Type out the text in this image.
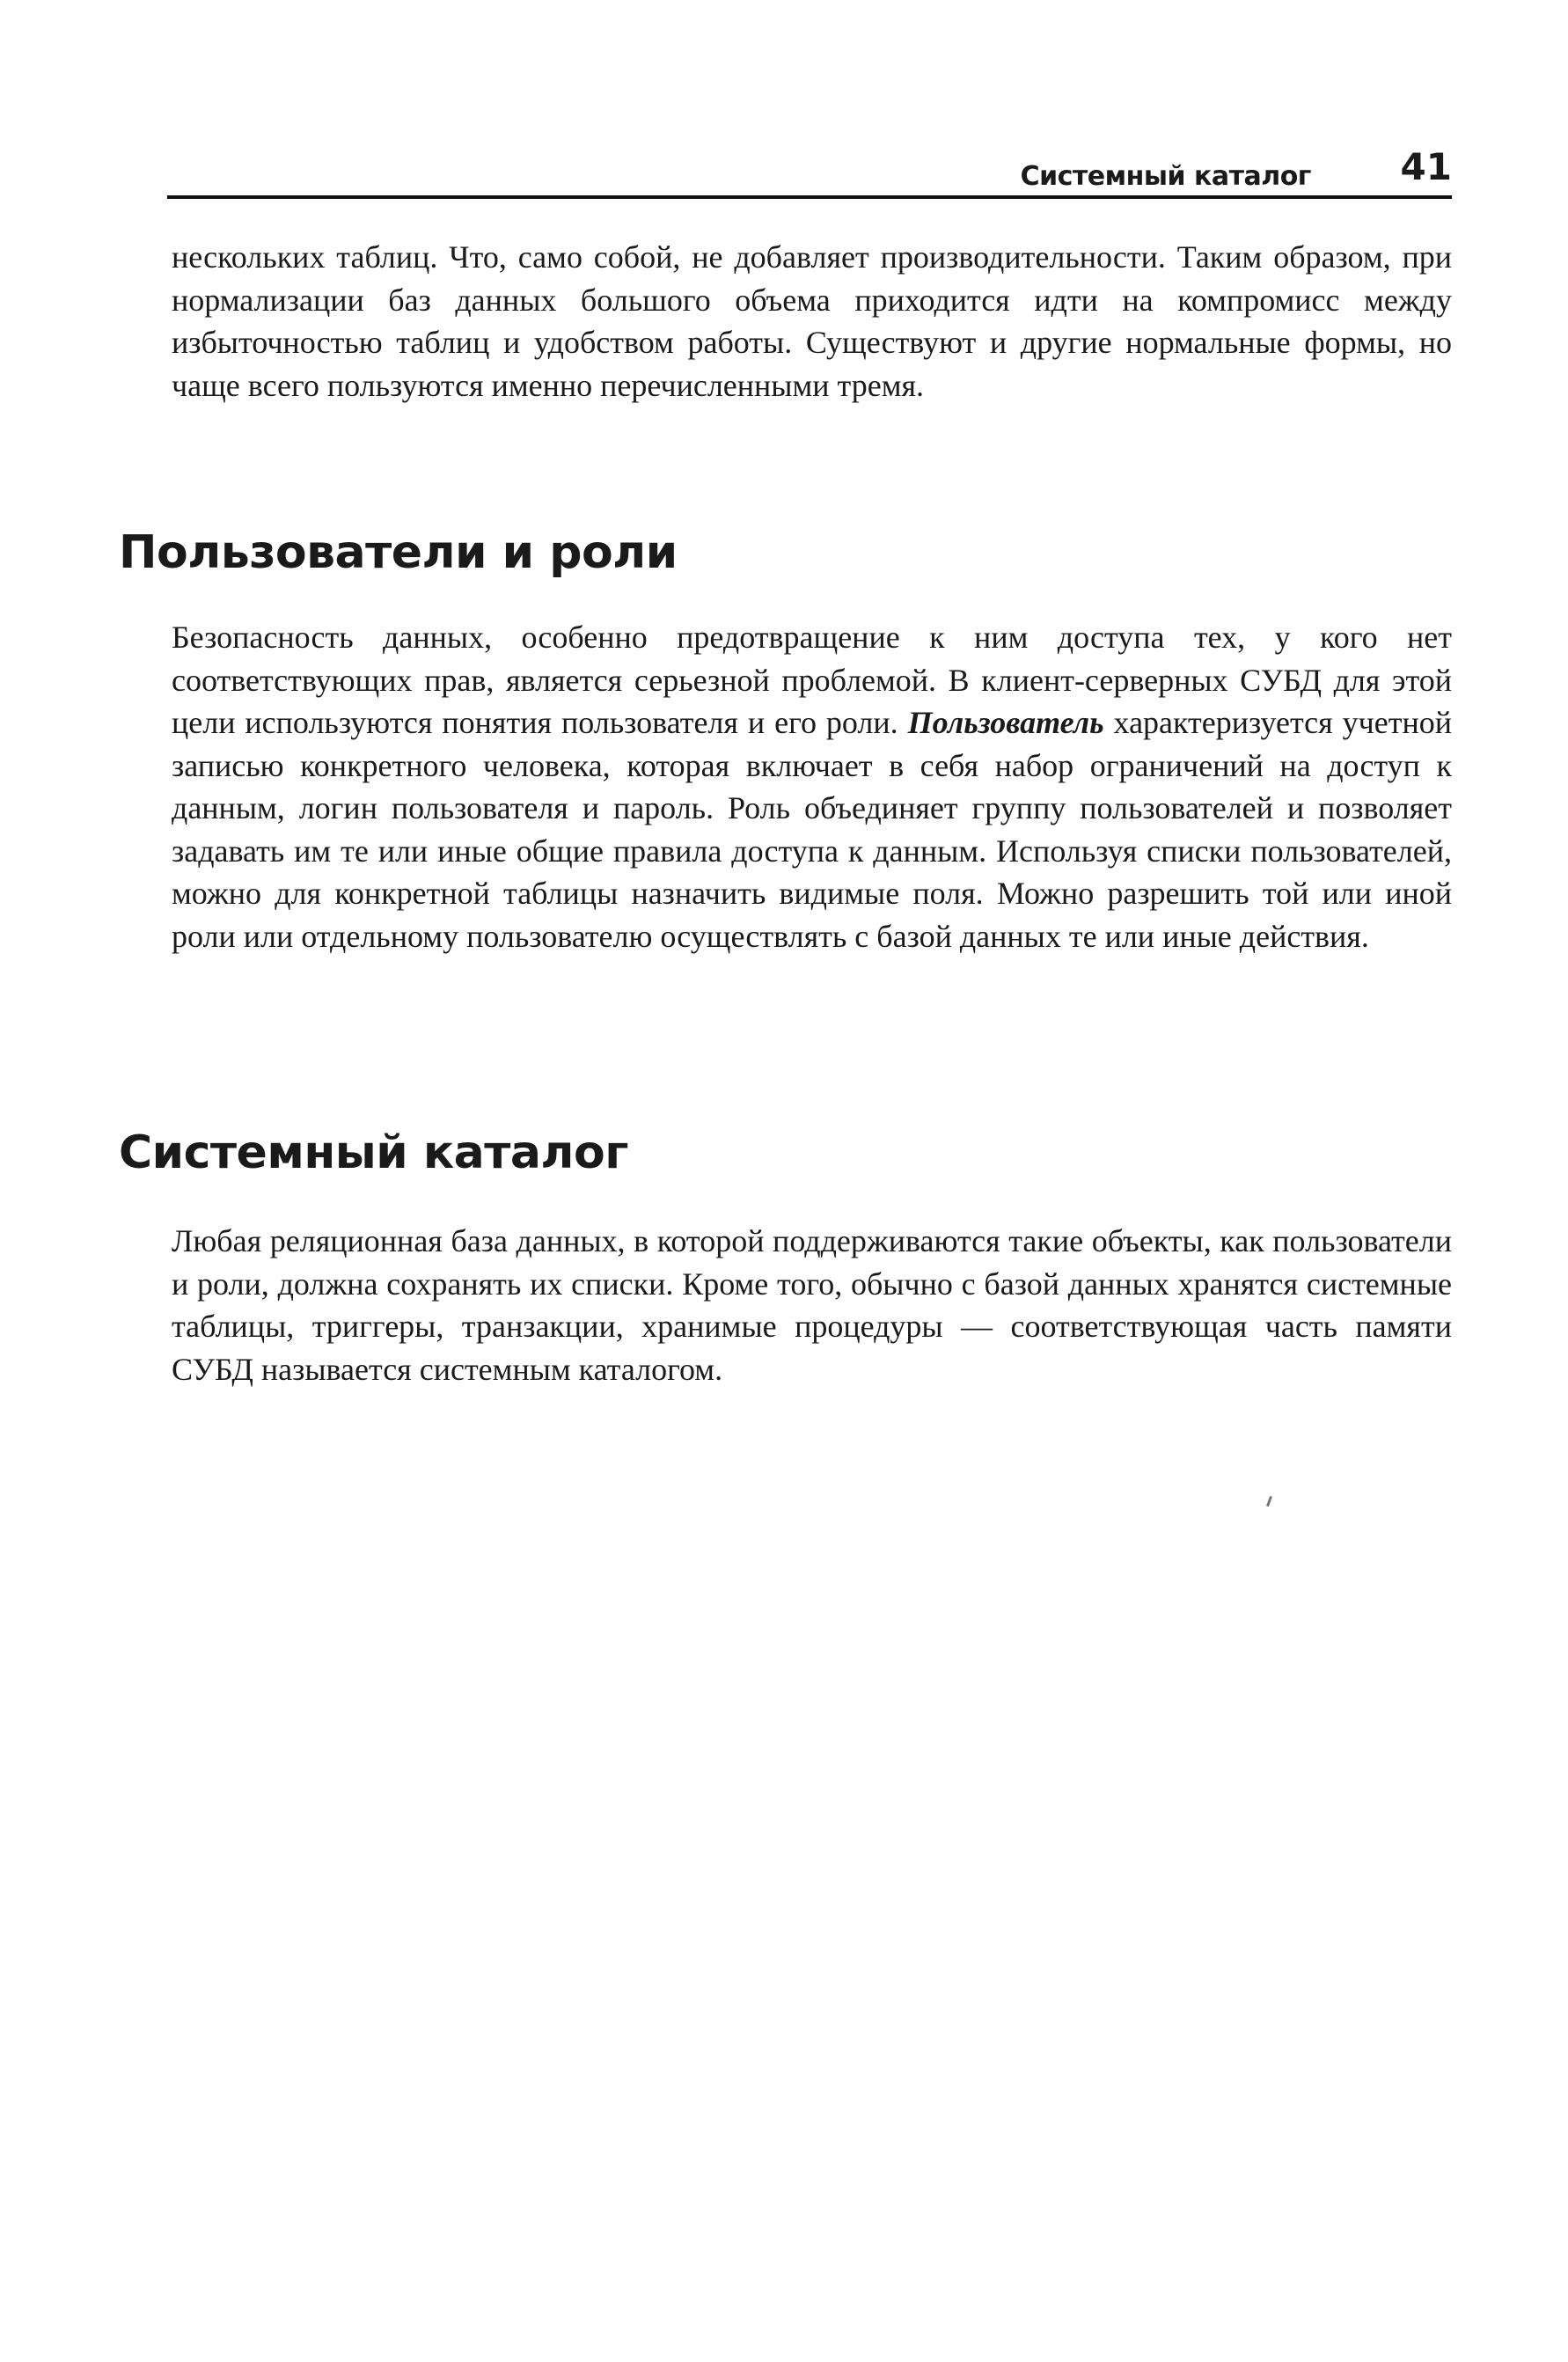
Системный каталог 41

нескольких таблиц. Что, само собой, не добавляет производительности. Таким образом, при нормализации баз данных большого объема приходится идти на компромисс между избыточностью таблиц и удобством работы. Существуют и другие нормальные формы, но чаще всего пользуются именно перечисленными тремя.

Пользователи и роли

Безопасность данных, особенно предотвращение к ним доступа тех, у кого нет соответствующих прав, является серьезной проблемой. В клиент-серверных СУБД для этой цели используются понятия пользователя и его роли. Пользователь характеризуется учетной записью конкретного человека, которая включает в себя набор ограничений на доступ к данным, логин пользователя и пароль. Роль объединяет группу пользователей и позволяет задавать им те или иные общие правила доступа к данным. Используя списки пользователей, можно для конкретной таблицы назначить видимые поля. Можно разрешить той или иной роли или отдельному пользователю осуществлять с базой данных те или иные действия.

Системный каталог

Любая реляционная база данных, в которой поддерживаются такие объекты, как пользователи и роли, должна сохранять их списки. Кроме того, обычно с базой данных хранятся системные таблицы, триггеры, транзакции, хранимые процедуры — соответствующая часть памяти СУБД называется системным каталогом.
